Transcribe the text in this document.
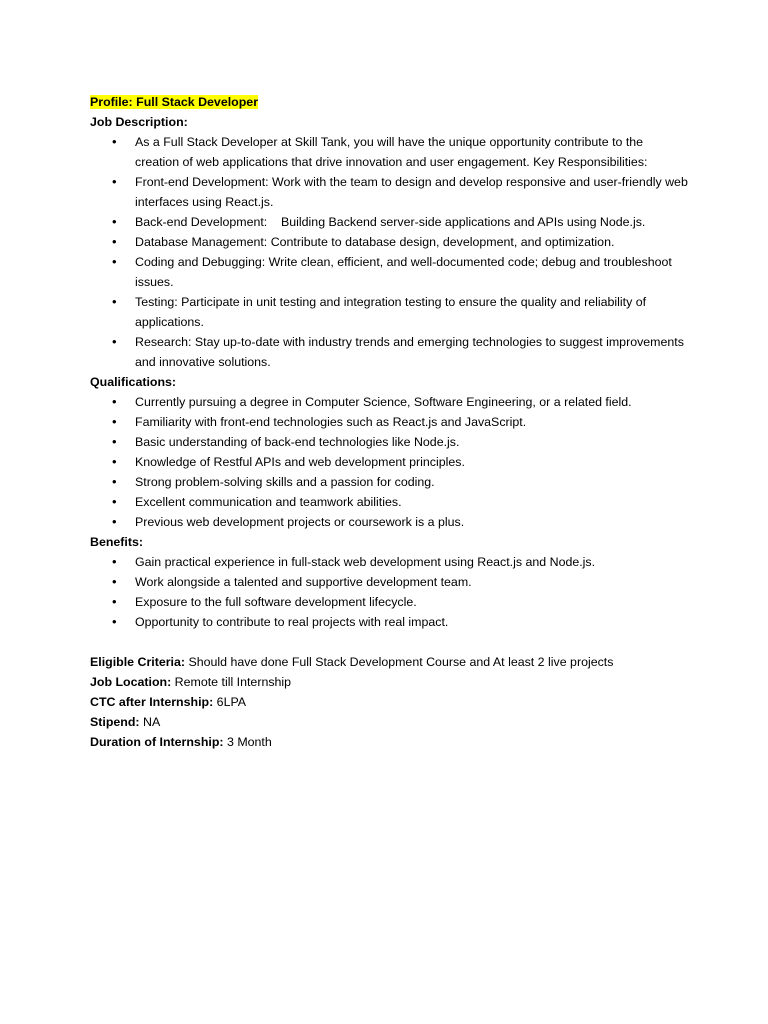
Profile: Full Stack Developer
Job Description:
• As a Full Stack Developer at Skill Tank, you will have the unique opportunity contribute to the creation of web applications that drive innovation and user engagement. Key Responsibilities:
• Front-end Development: Work with the team to design and develop responsive and user-friendly web interfaces using React.js.
• Back-end Development:    Building Backend server-side applications and APIs using Node.js.
• Database Management: Contribute to database design, development, and optimization.
• Coding and Debugging: Write clean, efficient, and well-documented code; debug and troubleshoot issues.
• Testing: Participate in unit testing and integration testing to ensure the quality and reliability of applications.
• Research: Stay up-to-date with industry trends and emerging technologies to suggest improvements and innovative solutions.
Qualifications:
• Currently pursuing a degree in Computer Science, Software Engineering, or a related field.
• Familiarity with front-end technologies such as React.js and JavaScript.
• Basic understanding of back-end technologies like Node.js.
• Knowledge of Restful APIs and web development principles.
• Strong problem-solving skills and a passion for coding.
• Excellent communication and teamwork abilities.
• Previous web development projects or coursework is a plus.
Benefits:
• Gain practical experience in full-stack web development using React.js and Node.js.
• Work alongside a talented and supportive development team.
• Exposure to the full software development lifecycle.
• Opportunity to contribute to real projects with real impact.
Eligible Criteria: Should have done Full Stack Development Course and At least 2 live projects
Job Location: Remote till Internship
CTC after Internship: 6LPA
Stipend: NA
Duration of Internship: 3 Month
